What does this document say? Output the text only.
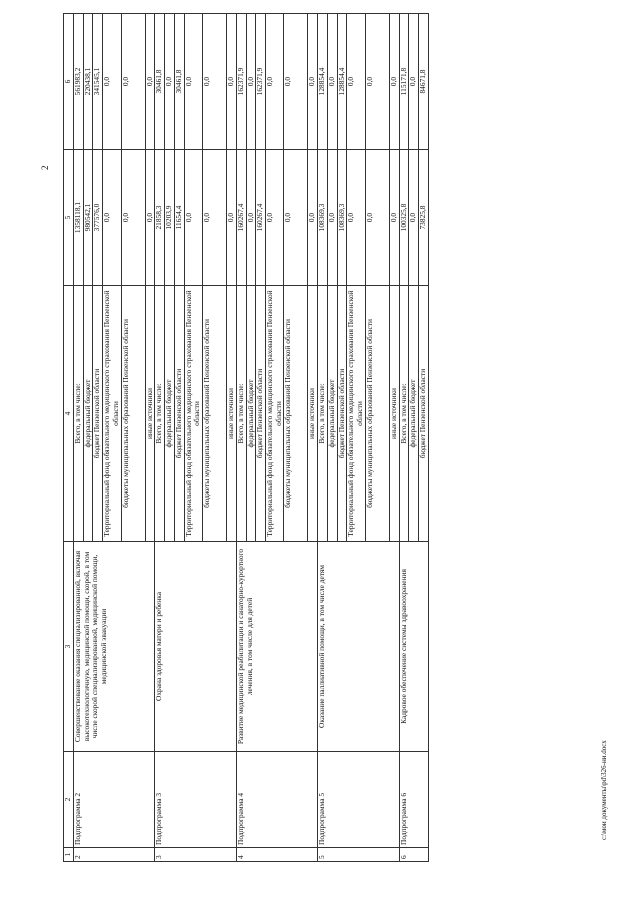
2
1	2	3	4	5	6
2	Подпрограмма 2	Совершенствование оказания специализированной, включая высокотехнологичную, медицинской помощи, скорой, в том числе скорой специализированной, медицинской помощи, медицинской эвакуации	Всего, в том числе:	1358118,1	561983,2
			федеральный бюджет	980542,1	220438,1
			бюджет Пензенской области	377576,0	341545,1
			Территориальный фонд обязательного медицинского страхования Пензенской области	0,0	0,0
			бюджеты муниципальных образований Пензенской области	0,0	0,0
			иные источники	0,0	0,0
3	Подпрограмма 3	Охрана здоровья матери и ребенка	Всего, в том числе:	21858,3	30461,8
			федеральный бюджет	10203,9	0,0
			бюджет Пензенской области	11654,4	30461,8
			Территориальный фонд обязательного медицинского страхования Пензенской области	0,0	0,0
			бюджеты муниципальных образований Пензенской области	0,0	0,0
			иные источники	0,0	0,0
4	Подпрограмма 4	Развитие медицинской реабилитации и санаторно-курортного лечения, в том числе для детей	Всего, в том числе:	160267,4	162371,9
			федеральный бюджет	0,0	0,0
			бюджет Пензенской области	160267,4	162371,9
			Территориальный фонд обязательного медицинского страхования Пензенской области	0,0	0,0
			бюджеты муниципальных образований Пензенской области	0,0	0,0
			иные источники	0,0	0,0
5	Подпрограмма 5	Оказание паллиативной помощи, в том числе детям	Всего, в том числе:	108369,3	128854,4
			федеральный бюджет	0,0	0,0
			бюджет Пензенской области	108369,3	128854,4
			Территориальный фонд обязательного медицинского страхования Пензенской области	0,0	0,0
			бюджеты муниципальных образований Пензенской области	0,0	0,0
			иные источники	0,0	0,0
6	Подпрограмма 6	Кадровое обеспечение системы здравоохранения	Всего, в том числе:	100325,8	115171,8
			федеральный бюджет	0,0	0,0
			бюджет Пензенской области	73825,8	84671,8
с:\мои документы\pd\326-ни.docx
